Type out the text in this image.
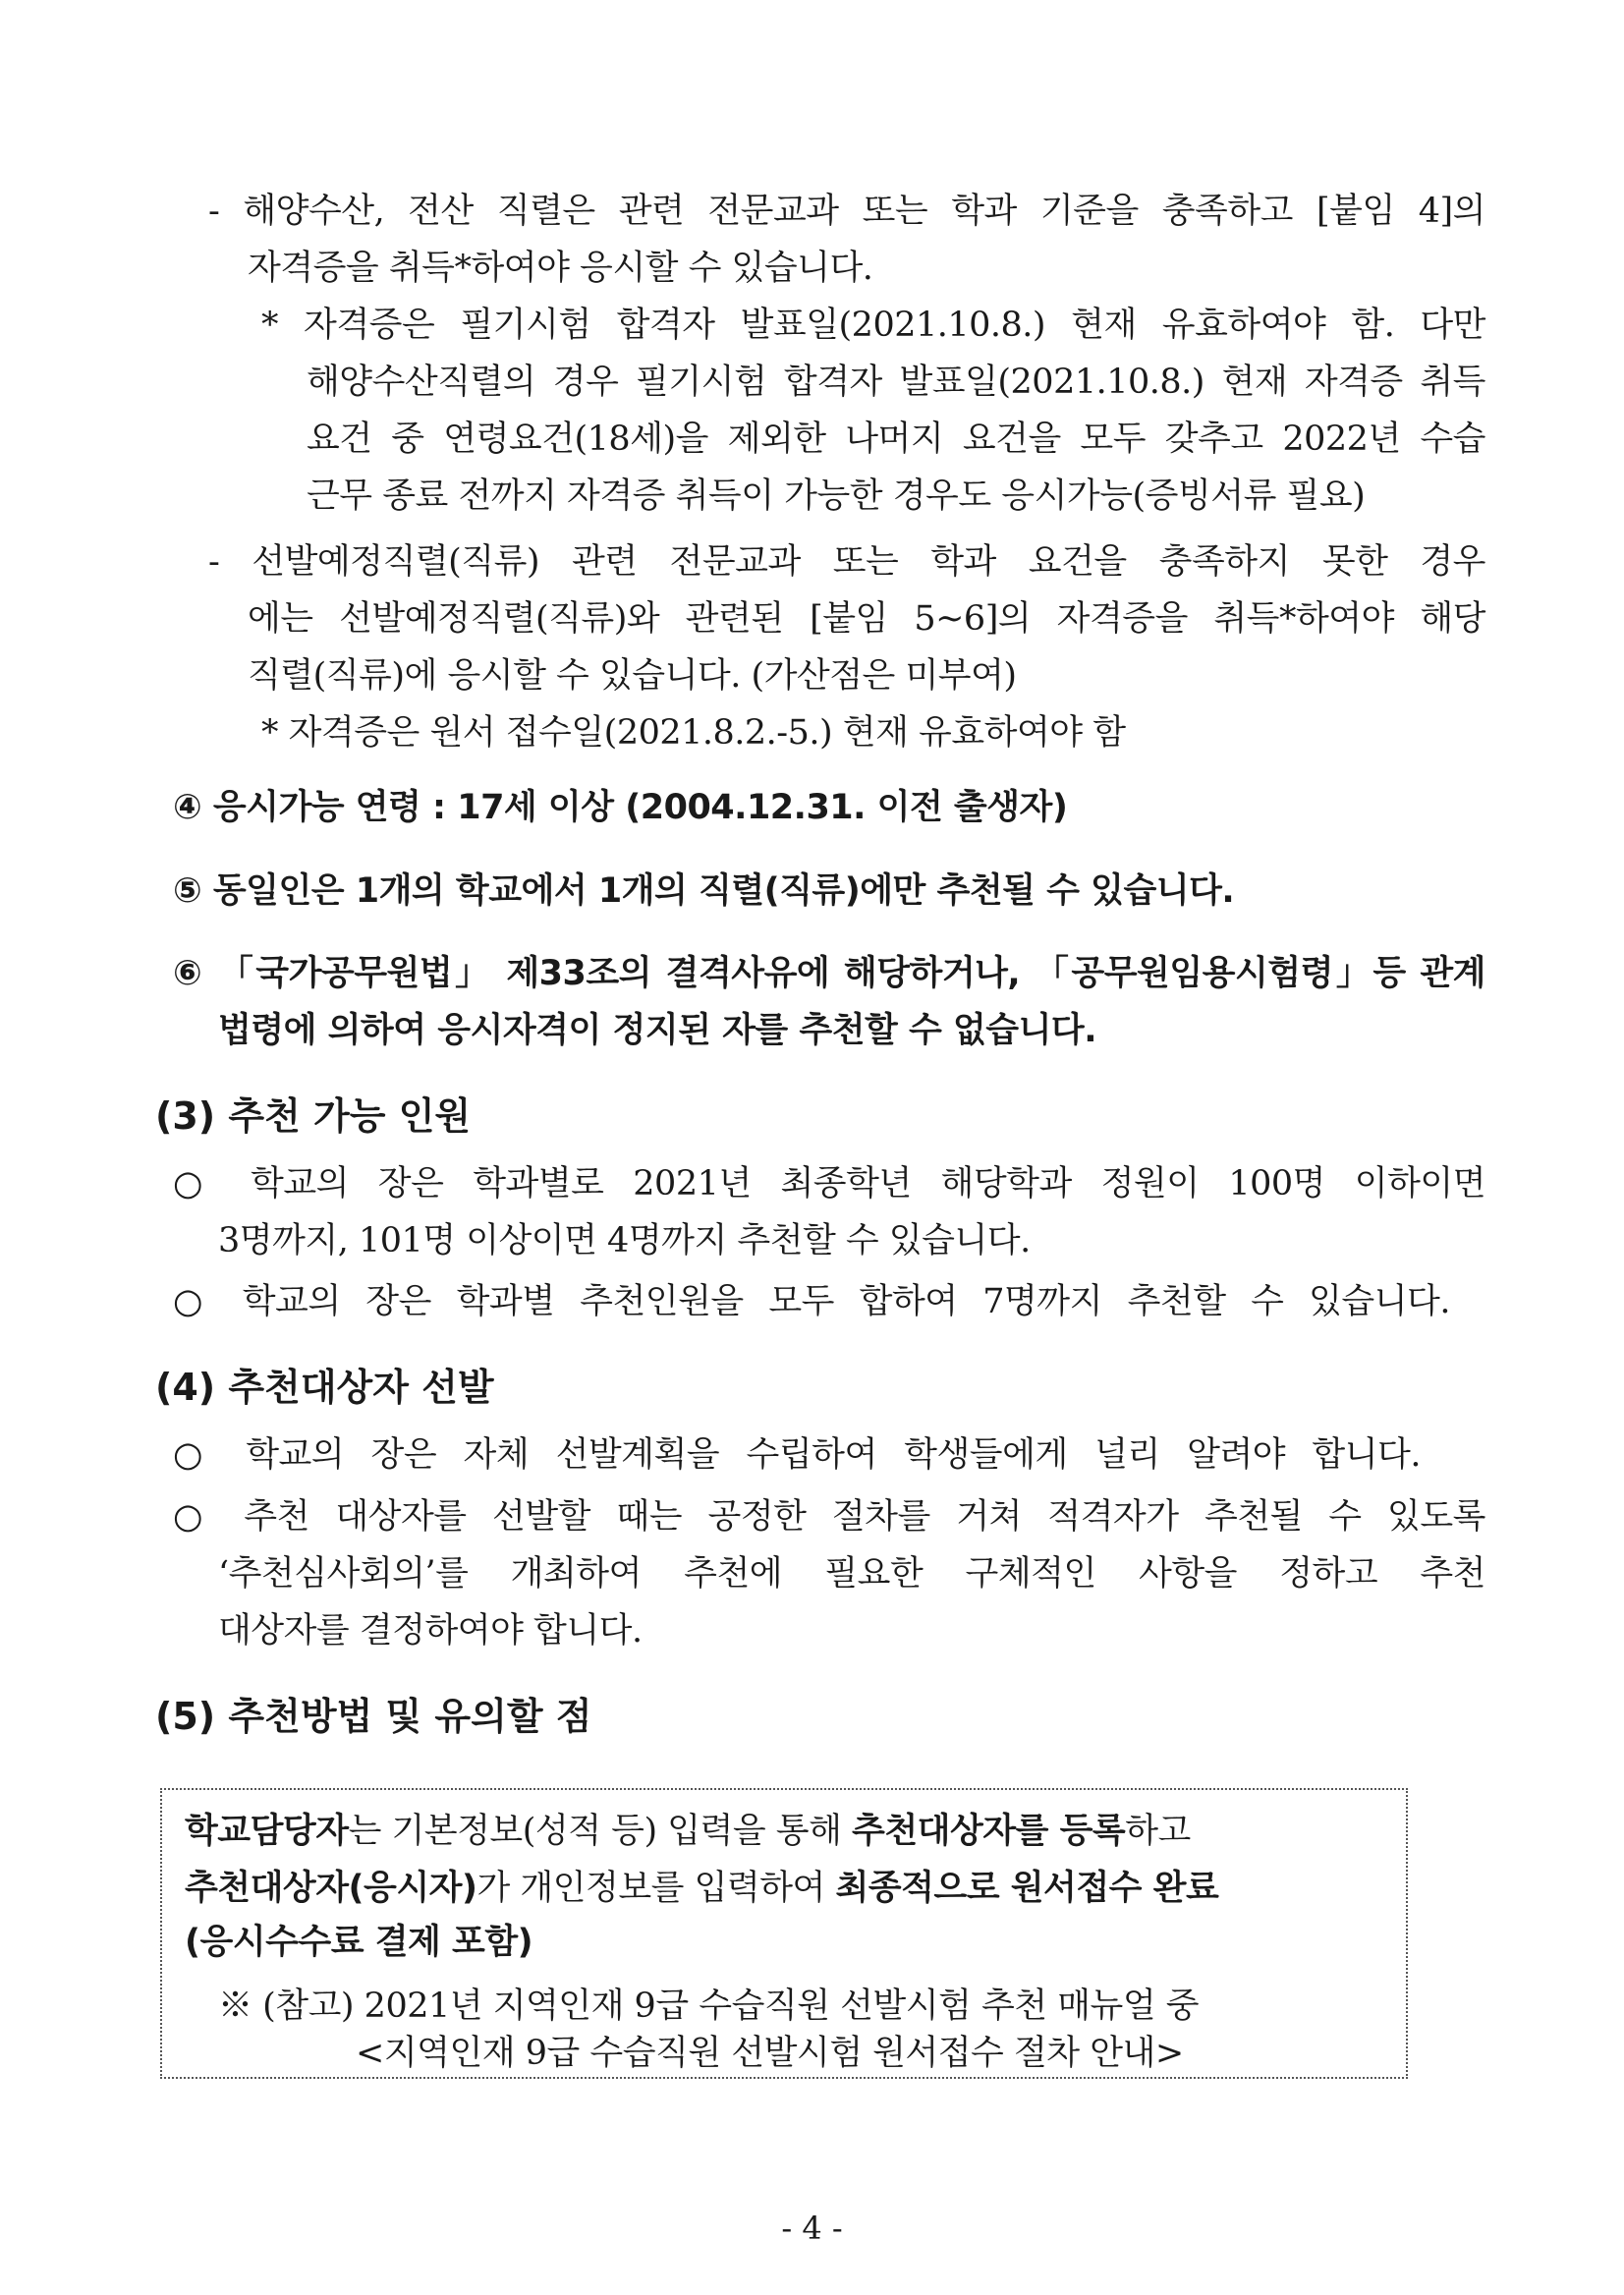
- 해양수산, 전산 직렬은 관련 전문교과 또는 학과 기준을 충족하고 [붙임 4]의
자격증을 취득*하여야 응시할 수 있습니다.
* 자격증은 필기시험 합격자 발표일(2021.10.8.) 현재 유효하여야 함. 다만
해양수산직렬의 경우 필기시험 합격자 발표일(2021.10.8.) 현재 자격증 취득
요건 중 연령요건(18세)을 제외한 나머지 요건을 모두 갖추고 2022년 수습
근무 종료 전까지 자격증 취득이 가능한 경우도 응시가능(증빙서류 필요)
- 선발예정직렬(직류) 관련 전문교과 또는 학과 요건을 충족하지 못한 경우
에는 선발예정직렬(직류)와 관련된 [붙임 5~6]의 자격증을 취득*하여야 해당
직렬(직류)에 응시할 수 있습니다. (가산점은 미부여)
* 자격증은 원서 접수일(2021.8.2.-5.) 현재 유효하여야 함
④ 응시가능 연령 : 17세 이상 (2004.12.31. 이전 출생자)
⑤ 동일인은 1개의 학교에서 1개의 직렬(직류)에만 추천될 수 있습니다.
⑥ 「국가공무원법」 제33조의 결격사유에 해당하거나, 「공무원임용시험령」등 관계
법령에 의하여 응시자격이 정지된 자를 추천할 수 없습니다.
(3) 추천 가능 인원
○ 학교의 장은 학과별로 2021년 최종학년 해당학과 정원이 100명 이하이면
3명까지, 101명 이상이면 4명까지 추천할 수 있습니다.
○ 학교의 장은 학과별 추천인원을 모두 합하여 7명까지 추천할 수 있습니다.
(4) 추천대상자 선발
○ 학교의 장은 자체 선발계획을 수립하여 학생들에게 널리 알려야 합니다.
○ 추천 대상자를 선발할 때는 공정한 절차를 거쳐 적격자가 추천될 수 있도록
‘추천심사회의’를 개최하여 추천에 필요한 구체적인 사항을 정하고 추천
대상자를 결정하여야 합니다.
(5) 추천방법 및 유의할 점
학교담당자는 기본정보(성적 등) 입력을 통해 추천대상자를 등록하고
추천대상자(응시자)가 개인정보를 입력하여 최종적으로 원서접수 완료
(응시수수료 결제 포함)
※ (참고) 2021년 지역인재 9급 수습직원 선발시험 추천 매뉴얼 중
<지역인재 9급 수습직원 선발시험 원서접수 절차 안내>
- 4 -
